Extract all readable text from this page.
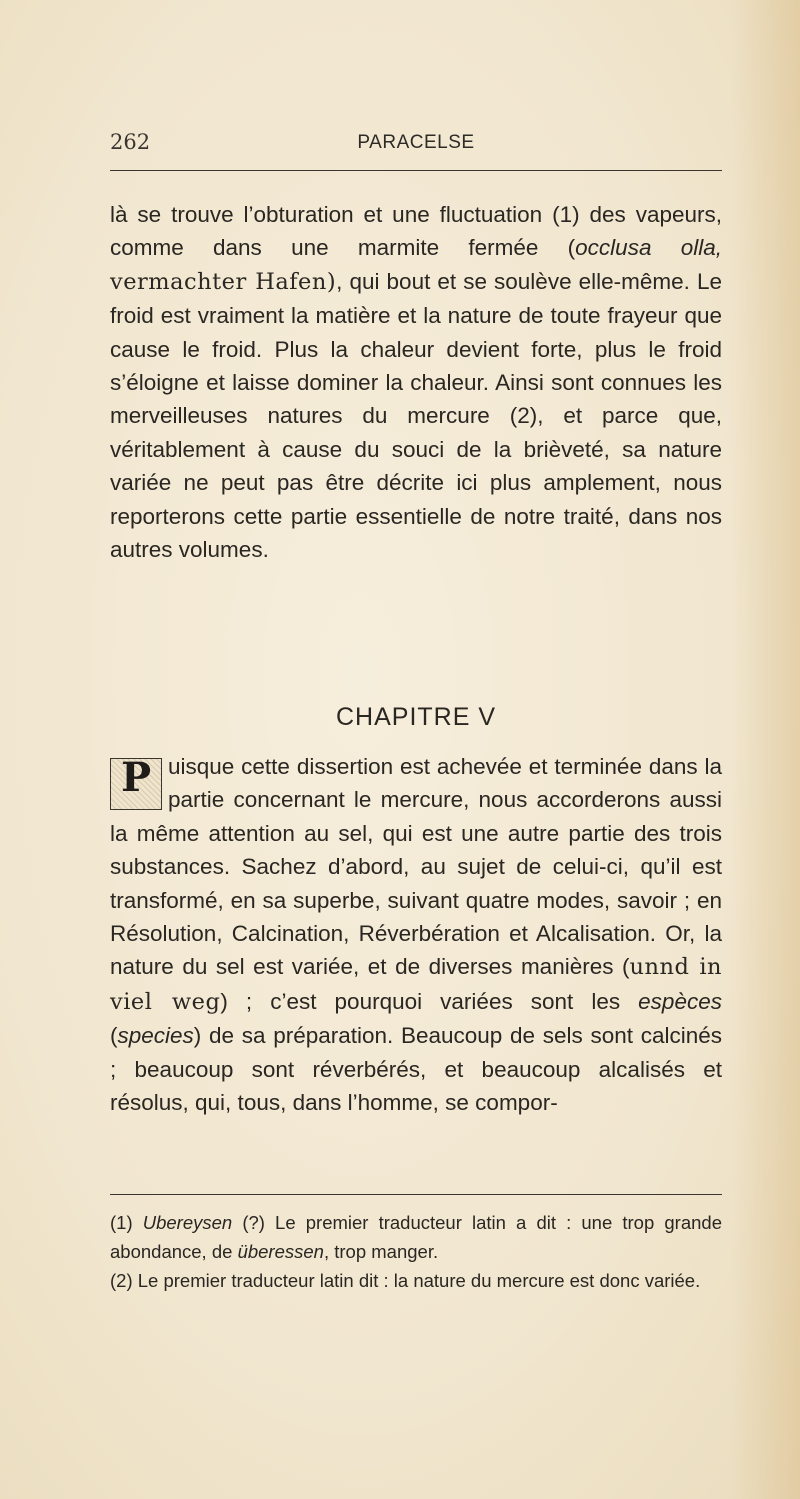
262	PARACELSE

là se trouve l’obturation et une fluctuation (1) des vapeurs, comme dans une marmite fermée (occlusa olla, vermachter Hafen), qui bout et se soulève elle-même. Le froid est vraiment la matière et la nature de toute frayeur que cause le froid. Plus la chaleur devient forte, plus le froid s’éloigne et laisse dominer la chaleur. Ainsi sont connues les merveilleuses natures du mercure (2), et parce que, véritablement à cause du souci de la brièveté, sa nature variée ne peut pas être décrite ici plus amplement, nous reporterons cette partie essentielle de notre traité, dans nos autres volumes.

CHAPITRE V

P uisque cette dissertion est achevée et terminée dans la partie concernant le mercure, nous accorderons aussi la même attention au sel, qui est une autre partie des trois substances. Sachez d’abord, au sujet de celui-ci, qu’il est transformé, en sa superbe, suivant quatre modes, savoir ; en Résolution, Calcination, Réverbération et Alcalisation. Or, la nature du sel est variée, et de diverses manières (unnd in viel weg) ; c’est pourquoi variées sont les espèces (species) de sa préparation. Beaucoup de sels sont calcinés ; beaucoup sont réverbérés, et beaucoup alcalisés et résolus, qui, tous, dans l’homme, se compor-

(1) Ubereysen (?) Le premier traducteur latin a dit : une trop grande abondance, de überessen, trop manger.

(2) Le premier traducteur latin dit : la nature du mercure est donc variée.
